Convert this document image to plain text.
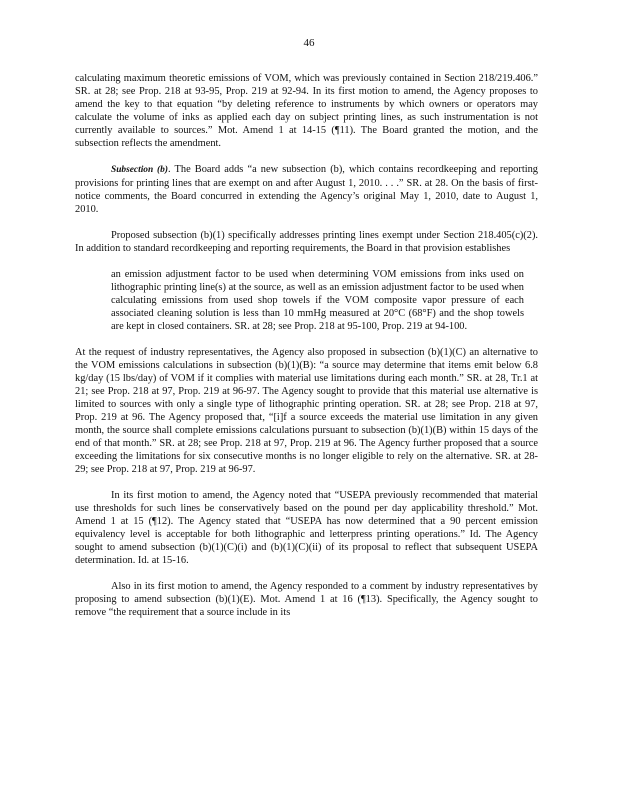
46

calculating maximum theoretic emissions of VOM, which was previously contained in Section 218/219.406.” SR. at 28; see Prop. 218 at 93-95, Prop. 219 at 92-94. In its first motion to amend, the Agency proposes to amend the key to that equation “by deleting reference to instruments by which owners or operators may calculate the volume of inks as applied each day on subject printing lines, as such instrumentation is not currently available to sources.” Mot. Amend 1 at 14-15 (¶11). The Board granted the motion, and the subsection reflects the amendment.

Subsection (b). The Board adds “a new subsection (b), which contains recordkeeping and reporting provisions for printing lines that are exempt on and after August 1, 2010. . . .” SR. at 28. On the basis of first-notice comments, the Board concurred in extending the Agency’s original May 1, 2010, date to August 1, 2010.

Proposed subsection (b)(1) specifically addresses printing lines exempt under Section 218.405(c)(2). In addition to standard recordkeeping and reporting requirements, the Board in that provision establishes

an emission adjustment factor to be used when determining VOM emissions from inks used on lithographic printing line(s) at the source, as well as an emission adjustment factor to be used when calculating emissions from used shop towels if the VOM composite vapor pressure of each associated cleaning solution is less than 10 mmHg measured at 20°C (68°F) and the shop towels are kept in closed containers. SR. at 28; see Prop. 218 at 95-100, Prop. 219 at 94-100.

At the request of industry representatives, the Agency also proposed in subsection (b)(1)(C) an alternative to the VOM emissions calculations in subsection (b)(1)(B): “a source may determine that items emit below 6.8 kg/day (15 lbs/day) of VOM if it complies with material use limitations during each month.” SR. at 28, Tr.1 at 21; see Prop. 218 at 97, Prop. 219 at 96-97. The Agency sought to provide that this material use alternative is limited to sources with only a single type of lithographic printing operation. SR. at 28; see Prop. 218 at 97, Prop. 219 at 96. The Agency proposed that, “[i]f a source exceeds the material use limitation in any given month, the source shall complete emissions calculations pursuant to subsection (b)(1)(B) within 15 days of the end of that month.” SR. at 28; see Prop. 218 at 97, Prop. 219 at 96. The Agency further proposed that a source exceeding the limitations for six consecutive months is no longer eligible to rely on the alternative. SR. at 28-29; see Prop. 218 at 97, Prop. 219 at 96-97.

In its first motion to amend, the Agency noted that “USEPA previously recommended that material use thresholds for such lines be conservatively based on the pound per day applicability threshold.” Mot. Amend 1 at 15 (¶12). The Agency stated that “USEPA has now determined that a 90 percent emission equivalency level is acceptable for both lithographic and letterpress printing operations.” Id. The Agency sought to amend subsection (b)(1)(C)(i) and (b)(1)(C)(ii) of its proposal to reflect that subsequent USEPA determination. Id. at 15-16.

Also in its first motion to amend, the Agency responded to a comment by industry representatives by proposing to amend subsection (b)(1)(E). Mot. Amend 1 at 16 (¶13). Specifically, the Agency sought to remove “the requirement that a source include in its
